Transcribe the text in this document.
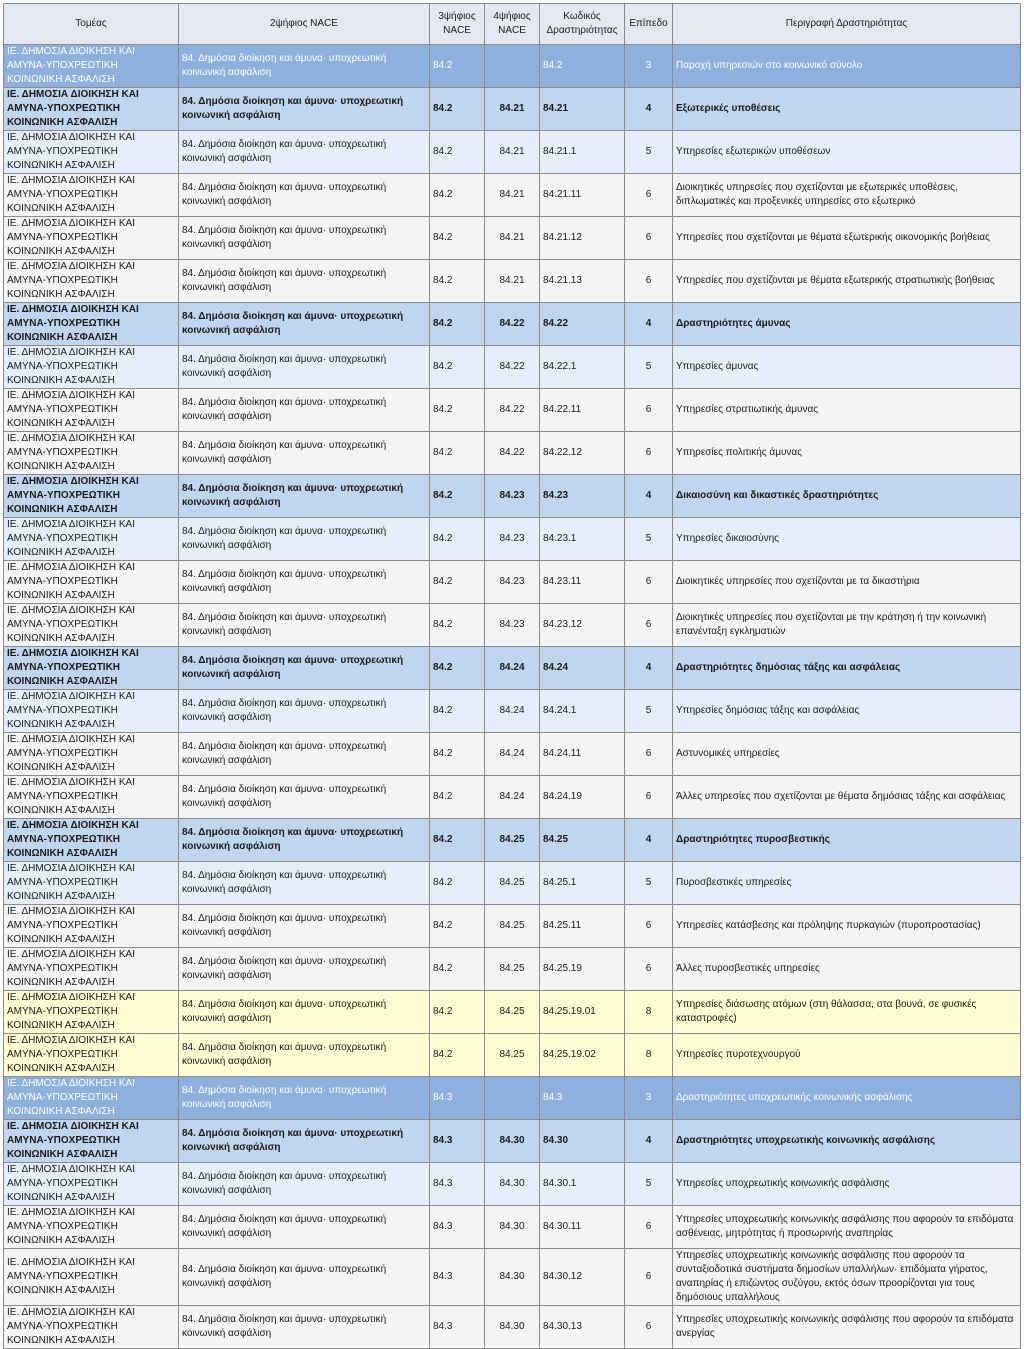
Τομέας	2ψήφιος NACE	3ψήφιος NACE	4ψήφιος NACE	Κωδικός Δραστηριότητας	Επίπεδο	Περιγραφή Δραστηριότητας
ΙΕ. ΔΗΜΟΣΙΑ ΔΙΟΙΚΗΣΗ ΚΑΙ ΑΜΥΝΑ-ΥΠΟΧΡΕΩΤΙΚΗ ΚΟΙΝΩΝΙΚΗ ΑΣΦΑΛΙΣΗ	84. Δημόσια διοίκηση και άμυνα· υποχρεωτική κοινωνική ασφάλιση	84.2		84.2	3	Παροχή υπηρεσιών στο κοινωνικό σύνολο
ΙΕ. ΔΗΜΟΣΙΑ ΔΙΟΙΚΗΣΗ ΚΑΙ ΑΜΥΝΑ-ΥΠΟΧΡΕΩΤΙΚΗ ΚΟΙΝΩΝΙΚΗ ΑΣΦΑΛΙΣΗ	84. Δημόσια διοίκηση και άμυνα· υποχρεωτική κοινωνική ασφάλιση	84.2	84.21	84.21	4	Εξωτερικές υποθέσεις
ΙΕ. ΔΗΜΟΣΙΑ ΔΙΟΙΚΗΣΗ ΚΑΙ ΑΜΥΝΑ-ΥΠΟΧΡΕΩΤΙΚΗ ΚΟΙΝΩΝΙΚΗ ΑΣΦΑΛΙΣΗ	84. Δημόσια διοίκηση και άμυνα· υποχρεωτική κοινωνική ασφάλιση	84.2	84.21	84.21.1	5	Υπηρεσίες εξωτερικών υποθέσεων
ΙΕ. ΔΗΜΟΣΙΑ ΔΙΟΙΚΗΣΗ ΚΑΙ ΑΜΥΝΑ-ΥΠΟΧΡΕΩΤΙΚΗ ΚΟΙΝΩΝΙΚΗ ΑΣΦΑΛΙΣΗ	84. Δημόσια διοίκηση και άμυνα· υποχρεωτική κοινωνική ασφάλιση	84.2	84.21	84.21.11	6	Διοικητικές υπηρεσίες που σχετίζονται με εξωτερικές υποθέσεις, διπλωματικές και προξενικές υπηρεσίες στο εξωτερικό
ΙΕ. ΔΗΜΟΣΙΑ ΔΙΟΙΚΗΣΗ ΚΑΙ ΑΜΥΝΑ-ΥΠΟΧΡΕΩΤΙΚΗ ΚΟΙΝΩΝΙΚΗ ΑΣΦΑΛΙΣΗ	84. Δημόσια διοίκηση και άμυνα· υποχρεωτική κοινωνική ασφάλιση	84.2	84.21	84.21.12	6	Υπηρεσίες που σχετίζονται με θέματα εξωτερικής οικονομικής βοήθειας
ΙΕ. ΔΗΜΟΣΙΑ ΔΙΟΙΚΗΣΗ ΚΑΙ ΑΜΥΝΑ-ΥΠΟΧΡΕΩΤΙΚΗ ΚΟΙΝΩΝΙΚΗ ΑΣΦΑΛΙΣΗ	84. Δημόσια διοίκηση και άμυνα· υποχρεωτική κοινωνική ασφάλιση	84.2	84.21	84.21.13	6	Υπηρεσίες που σχετίζονται με θέματα εξωτερικής στρατιωτικής βοήθειας
ΙΕ. ΔΗΜΟΣΙΑ ΔΙΟΙΚΗΣΗ ΚΑΙ ΑΜΥΝΑ-ΥΠΟΧΡΕΩΤΙΚΗ ΚΟΙΝΩΝΙΚΗ ΑΣΦΑΛΙΣΗ	84. Δημόσια διοίκηση και άμυνα· υποχρεωτική κοινωνική ασφάλιση	84.2	84.22	84.22	4	Δραστηριότητες άμυνας
ΙΕ. ΔΗΜΟΣΙΑ ΔΙΟΙΚΗΣΗ ΚΑΙ ΑΜΥΝΑ-ΥΠΟΧΡΕΩΤΙΚΗ ΚΟΙΝΩΝΙΚΗ ΑΣΦΑΛΙΣΗ	84. Δημόσια διοίκηση και άμυνα· υποχρεωτική κοινωνική ασφάλιση	84.2	84.22	84.22.1	5	Υπηρεσίες άμυνας
ΙΕ. ΔΗΜΟΣΙΑ ΔΙΟΙΚΗΣΗ ΚΑΙ ΑΜΥΝΑ-ΥΠΟΧΡΕΩΤΙΚΗ ΚΟΙΝΩΝΙΚΗ ΑΣΦΑΛΙΣΗ	84. Δημόσια διοίκηση και άμυνα· υποχρεωτική κοινωνική ασφάλιση	84.2	84.22	84.22.11	6	Υπηρεσίες στρατιωτικής άμυνας
ΙΕ. ΔΗΜΟΣΙΑ ΔΙΟΙΚΗΣΗ ΚΑΙ ΑΜΥΝΑ-ΥΠΟΧΡΕΩΤΙΚΗ ΚΟΙΝΩΝΙΚΗ ΑΣΦΑΛΙΣΗ	84. Δημόσια διοίκηση και άμυνα· υποχρεωτική κοινωνική ασφάλιση	84.2	84.22	84.22.12	6	Υπηρεσίες πολιτικής άμυνας
ΙΕ. ΔΗΜΟΣΙΑ ΔΙΟΙΚΗΣΗ ΚΑΙ ΑΜΥΝΑ-ΥΠΟΧΡΕΩΤΙΚΗ ΚΟΙΝΩΝΙΚΗ ΑΣΦΑΛΙΣΗ	84. Δημόσια διοίκηση και άμυνα· υποχρεωτική κοινωνική ασφάλιση	84.2	84.23	84.23	4	Δικαιοσύνη και δικαστικές δραστηριότητες
ΙΕ. ΔΗΜΟΣΙΑ ΔΙΟΙΚΗΣΗ ΚΑΙ ΑΜΥΝΑ-ΥΠΟΧΡΕΩΤΙΚΗ ΚΟΙΝΩΝΙΚΗ ΑΣΦΑΛΙΣΗ	84. Δημόσια διοίκηση και άμυνα· υποχρεωτική κοινωνική ασφάλιση	84.2	84.23	84.23.1	5	Υπηρεσίες δικαιοσύνης
ΙΕ. ΔΗΜΟΣΙΑ ΔΙΟΙΚΗΣΗ ΚΑΙ ΑΜΥΝΑ-ΥΠΟΧΡΕΩΤΙΚΗ ΚΟΙΝΩΝΙΚΗ ΑΣΦΑΛΙΣΗ	84. Δημόσια διοίκηση και άμυνα· υποχρεωτική κοινωνική ασφάλιση	84.2	84.23	84.23.11	6	Διοικητικές υπηρεσίες που σχετίζονται με τα δικαστήρια
ΙΕ. ΔΗΜΟΣΙΑ ΔΙΟΙΚΗΣΗ ΚΑΙ ΑΜΥΝΑ-ΥΠΟΧΡΕΩΤΙΚΗ ΚΟΙΝΩΝΙΚΗ ΑΣΦΑΛΙΣΗ	84. Δημόσια διοίκηση και άμυνα· υποχρεωτική κοινωνική ασφάλιση	84.2	84.23	84.23.12	6	Διοικητικές υπηρεσίες που σχετίζονται με την κράτηση ή την κοινωνική επανένταξη εγκληματιών
ΙΕ. ΔΗΜΟΣΙΑ ΔΙΟΙΚΗΣΗ ΚΑΙ ΑΜΥΝΑ-ΥΠΟΧΡΕΩΤΙΚΗ ΚΟΙΝΩΝΙΚΗ ΑΣΦΑΛΙΣΗ	84. Δημόσια διοίκηση και άμυνα· υποχρεωτική κοινωνική ασφάλιση	84.2	84.24	84.24	4	Δραστηριότητες δημόσιας τάξης και ασφάλειας
ΙΕ. ΔΗΜΟΣΙΑ ΔΙΟΙΚΗΣΗ ΚΑΙ ΑΜΥΝΑ-ΥΠΟΧΡΕΩΤΙΚΗ ΚΟΙΝΩΝΙΚΗ ΑΣΦΑΛΙΣΗ	84. Δημόσια διοίκηση και άμυνα· υποχρεωτική κοινωνική ασφάλιση	84.2	84.24	84.24.1	5	Υπηρεσίες δημόσιας τάξης και ασφάλειας
ΙΕ. ΔΗΜΟΣΙΑ ΔΙΟΙΚΗΣΗ ΚΑΙ ΑΜΥΝΑ-ΥΠΟΧΡΕΩΤΙΚΗ ΚΟΙΝΩΝΙΚΗ ΑΣΦΑΛΙΣΗ	84. Δημόσια διοίκηση και άμυνα· υποχρεωτική κοινωνική ασφάλιση	84.2	84.24	84.24.11	6	Αστυνομικές υπηρεσίες
ΙΕ. ΔΗΜΟΣΙΑ ΔΙΟΙΚΗΣΗ ΚΑΙ ΑΜΥΝΑ-ΥΠΟΧΡΕΩΤΙΚΗ ΚΟΙΝΩΝΙΚΗ ΑΣΦΑΛΙΣΗ	84. Δημόσια διοίκηση και άμυνα· υποχρεωτική κοινωνική ασφάλιση	84.2	84.24	84.24.19	6	Άλλες υπηρεσίες που σχετίζονται με θέματα δημόσιας τάξης και ασφάλειας
ΙΕ. ΔΗΜΟΣΙΑ ΔΙΟΙΚΗΣΗ ΚΑΙ ΑΜΥΝΑ-ΥΠΟΧΡΕΩΤΙΚΗ ΚΟΙΝΩΝΙΚΗ ΑΣΦΑΛΙΣΗ	84. Δημόσια διοίκηση και άμυνα· υποχρεωτική κοινωνική ασφάλιση	84.2	84.25	84.25	4	Δραστηριότητες πυροσβεστικής
ΙΕ. ΔΗΜΟΣΙΑ ΔΙΟΙΚΗΣΗ ΚΑΙ ΑΜΥΝΑ-ΥΠΟΧΡΕΩΤΙΚΗ ΚΟΙΝΩΝΙΚΗ ΑΣΦΑΛΙΣΗ	84. Δημόσια διοίκηση και άμυνα· υποχρεωτική κοινωνική ασφάλιση	84.2	84.25	84.25.1	5	Πυροσβεστικές υπηρεσίες
ΙΕ. ΔΗΜΟΣΙΑ ΔΙΟΙΚΗΣΗ ΚΑΙ ΑΜΥΝΑ-ΥΠΟΧΡΕΩΤΙΚΗ ΚΟΙΝΩΝΙΚΗ ΑΣΦΑΛΙΣΗ	84. Δημόσια διοίκηση και άμυνα· υποχρεωτική κοινωνική ασφάλιση	84.2	84.25	84.25.11	6	Υπηρεσίες κατάσβεσης και πρόληψης πυρκαγιών (πυροπροστασίας)
ΙΕ. ΔΗΜΟΣΙΑ ΔΙΟΙΚΗΣΗ ΚΑΙ ΑΜΥΝΑ-ΥΠΟΧΡΕΩΤΙΚΗ ΚΟΙΝΩΝΙΚΗ ΑΣΦΑΛΙΣΗ	84. Δημόσια διοίκηση και άμυνα· υποχρεωτική κοινωνική ασφάλιση	84.2	84.25	84.25.19	6	Άλλες πυροσβεστικές υπηρεσίες
ΙΕ. ΔΗΜΟΣΙΑ ΔΙΟΙΚΗΣΗ ΚΑΙ ΑΜΥΝΑ-ΥΠΟΧΡΕΩΤΙΚΗ ΚΟΙΝΩΝΙΚΗ ΑΣΦΑΛΙΣΗ	84. Δημόσια διοίκηση και άμυνα· υποχρεωτική κοινωνική ασφάλιση	84.2	84.25	84.25.19.01	8	Υπηρεσίες διάσωσης ατόμων (στη θάλασσα, στα βουνά, σε φυσικές καταστροφές)
ΙΕ. ΔΗΜΟΣΙΑ ΔΙΟΙΚΗΣΗ ΚΑΙ ΑΜΥΝΑ-ΥΠΟΧΡΕΩΤΙΚΗ ΚΟΙΝΩΝΙΚΗ ΑΣΦΑΛΙΣΗ	84. Δημόσια διοίκηση και άμυνα· υποχρεωτική κοινωνική ασφάλιση	84.2	84.25	84.25.19.02	8	Υπηρεσίες πυροτεχνουργού
ΙΕ. ΔΗΜΟΣΙΑ ΔΙΟΙΚΗΣΗ ΚΑΙ ΑΜΥΝΑ-ΥΠΟΧΡΕΩΤΙΚΗ ΚΟΙΝΩΝΙΚΗ ΑΣΦΑΛΙΣΗ	84. Δημόσια διοίκηση και άμυνα· υποχρεωτική κοινωνική ασφάλιση	84.3		84.3	3	Δραστηριότητες υποχρεωτικής κοινωνικής ασφάλισης
ΙΕ. ΔΗΜΟΣΙΑ ΔΙΟΙΚΗΣΗ ΚΑΙ ΑΜΥΝΑ-ΥΠΟΧΡΕΩΤΙΚΗ ΚΟΙΝΩΝΙΚΗ ΑΣΦΑΛΙΣΗ	84. Δημόσια διοίκηση και άμυνα· υποχρεωτική κοινωνική ασφάλιση	84.3	84.30	84.30	4	Δραστηριότητες υποχρεωτικής κοινωνικής ασφάλισης
ΙΕ. ΔΗΜΟΣΙΑ ΔΙΟΙΚΗΣΗ ΚΑΙ ΑΜΥΝΑ-ΥΠΟΧΡΕΩΤΙΚΗ ΚΟΙΝΩΝΙΚΗ ΑΣΦΑΛΙΣΗ	84. Δημόσια διοίκηση και άμυνα· υποχρεωτική κοινωνική ασφάλιση	84.3	84.30	84.30.1	5	Υπηρεσίες υποχρεωτικής κοινωνικής ασφάλισης
ΙΕ. ΔΗΜΟΣΙΑ ΔΙΟΙΚΗΣΗ ΚΑΙ ΑΜΥΝΑ-ΥΠΟΧΡΕΩΤΙΚΗ ΚΟΙΝΩΝΙΚΗ ΑΣΦΑΛΙΣΗ	84. Δημόσια διοίκηση και άμυνα· υποχρεωτική κοινωνική ασφάλιση	84.3	84.30	84.30.11	6	Υπηρεσίες υποχρεωτικής κοινωνικής ασφάλισης που αφορούν τα επιδόματα ασθένειας, μητρότητας ή προσωρινής αναπηρίας
ΙΕ. ΔΗΜΟΣΙΑ ΔΙΟΙΚΗΣΗ ΚΑΙ ΑΜΥΝΑ-ΥΠΟΧΡΕΩΤΙΚΗ ΚΟΙΝΩΝΙΚΗ ΑΣΦΑΛΙΣΗ	84. Δημόσια διοίκηση και άμυνα· υποχρεωτική κοινωνική ασφάλιση	84.3	84.30	84.30.12	6	Υπηρεσίες υποχρεωτικής κοινωνικής ασφάλισης που αφορούν τα συνταξιοδοτικά συστήματα δημοσίων υπαλλήλων· επιδόματα γήρατος, αναπηρίας ή επιζώντος συζύγου, εκτός όσων προορίζονται για τους δημόσιους υπαλλήλους
ΙΕ. ΔΗΜΟΣΙΑ ΔΙΟΙΚΗΣΗ ΚΑΙ ΑΜΥΝΑ-ΥΠΟΧΡΕΩΤΙΚΗ ΚΟΙΝΩΝΙΚΗ ΑΣΦΑΛΙΣΗ	84. Δημόσια διοίκηση και άμυνα· υποχρεωτική κοινωνική ασφάλιση	84.3	84.30	84.30.13	6	Υπηρεσίες υποχρεωτικής κοινωνικής ασφάλισης που αφορούν τα επιδόματα ανεργίας
